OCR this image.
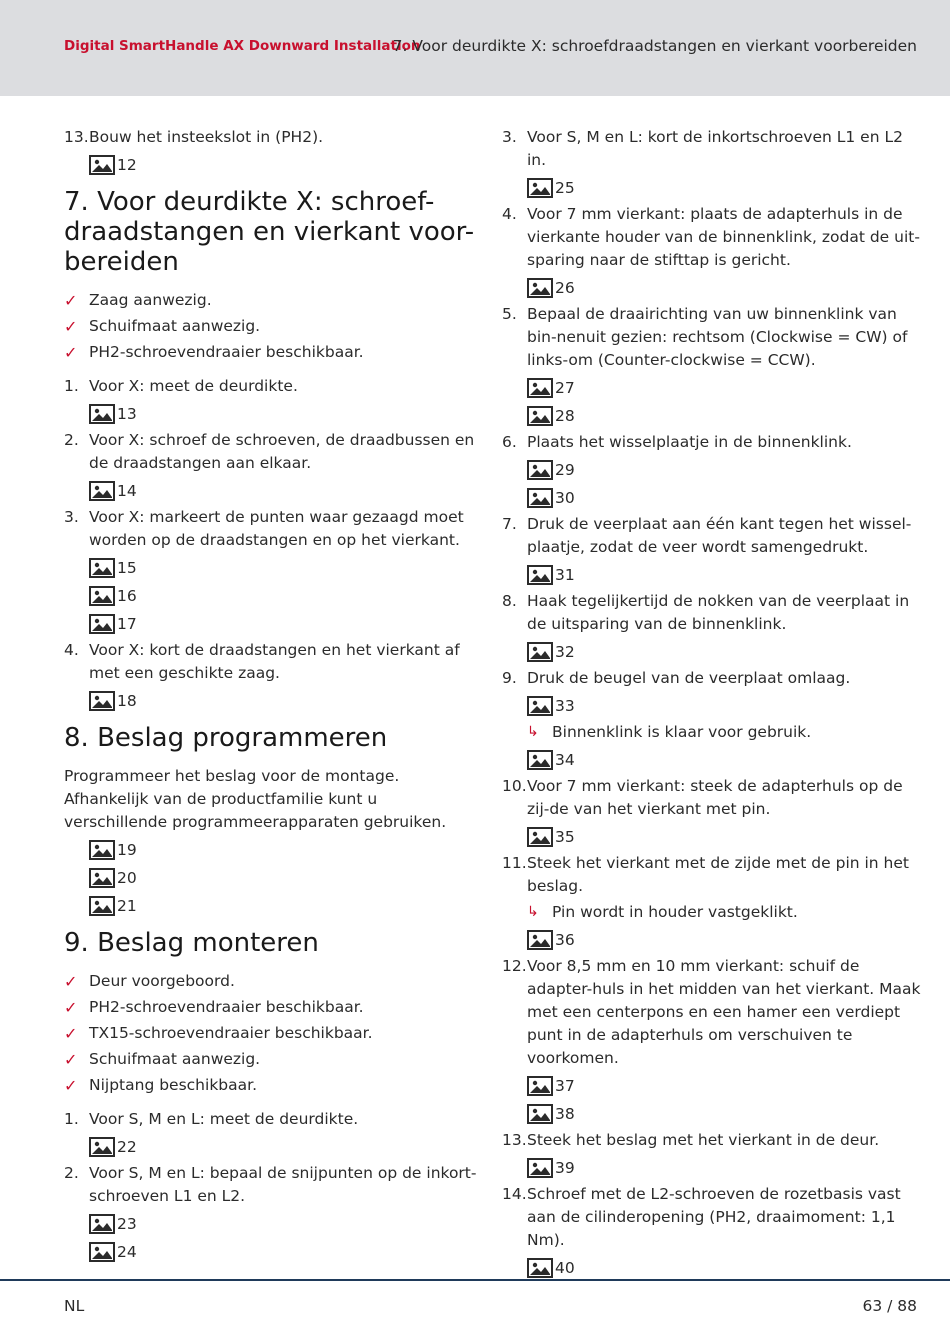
Digital SmartHandle AX Downward Installation
7. Voor deurdikte X: schroefdraadstangen en vierkant voorbereiden
13. Bouw het insteekslot in (PH2).
12
7. Voor deurdikte X: schroef-
draadstangen en vierkant voor-
bereiden
✓ Zaag aanwezig.
✓ Schuifmaat aanwezig.
✓ PH2-schroevendraaier beschikbaar.
1. Voor X: meet de deurdikte.
13
2. Voor X: schroef de schroeven, de draadbussen en de draadstangen aan elkaar.
14
3. Voor X: markeert de punten waar gezaagd moet worden op de draadstangen en op het vierkant.
15
16
17
4. Voor X: kort de draadstangen en het vierkant af met een geschikte zaag.
18
8. Beslag programmeren
Programmeer het beslag voor de montage. Afhankelijk van de productfamilie kunt u verschillende programmeerapparaten gebruiken.
19
20
21
9. Beslag monteren
✓ Deur voorgeboord.
✓ PH2-schroevendraaier beschikbaar.
✓ TX15-schroevendraaier beschikbaar.
✓ Schuifmaat aanwezig.
✓ Nijptang beschikbaar.
1. Voor S, M en L: meet de deurdikte.
22
2. Voor S, M en L: bepaal de snijpunten op de inkort-schroeven L1 en L2.
23
24
3. Voor S, M en L: kort de inkortschroeven L1 en L2 in.
25
4. Voor 7 mm vierkant: plaats de adapterhuls in de vierkante houder van de binnenklink, zodat de uit-sparing naar de stifttap is gericht.
26
5. Bepaal de draairichting van uw binnenklink van bin-nenuit gezien: rechtsom (Clockwise = CW) of links-om (Counter-clockwise = CCW).
27
28
6. Plaats het wisselplaatje in de binnenklink.
29
30
7. Druk de veerplaat aan één kant tegen het wissel-plaatje, zodat de veer wordt samengedrukt.
31
8. Haak tegelijkertijd de nokken van de veerplaat in de uitsparing van de binnenklink.
32
9. Druk de beugel van de veerplaat omlaag.
33
↳ Binnenklink is klaar voor gebruik.
34
10. Voor 7 mm vierkant: steek de adapterhuls op de zij-de van het vierkant met pin.
35
11. Steek het vierkant met de zijde met de pin in het beslag.
↳ Pin wordt in houder vastgeklikt.
36
12. Voor 8,5 mm en 10 mm vierkant: schuif de adapter-huls in het midden van het vierkant. Maak met een centerpons en een hamer een verdiept punt in de adapterhuls om verschuiven te voorkomen.
37
38
13. Steek het beslag met het vierkant in de deur.
39
14. Schroef met de L2-schroeven de rozetbasis vast aan de cilinderopening (PH2, draaimoment: 1,1 Nm).
40
NL	63 / 88
